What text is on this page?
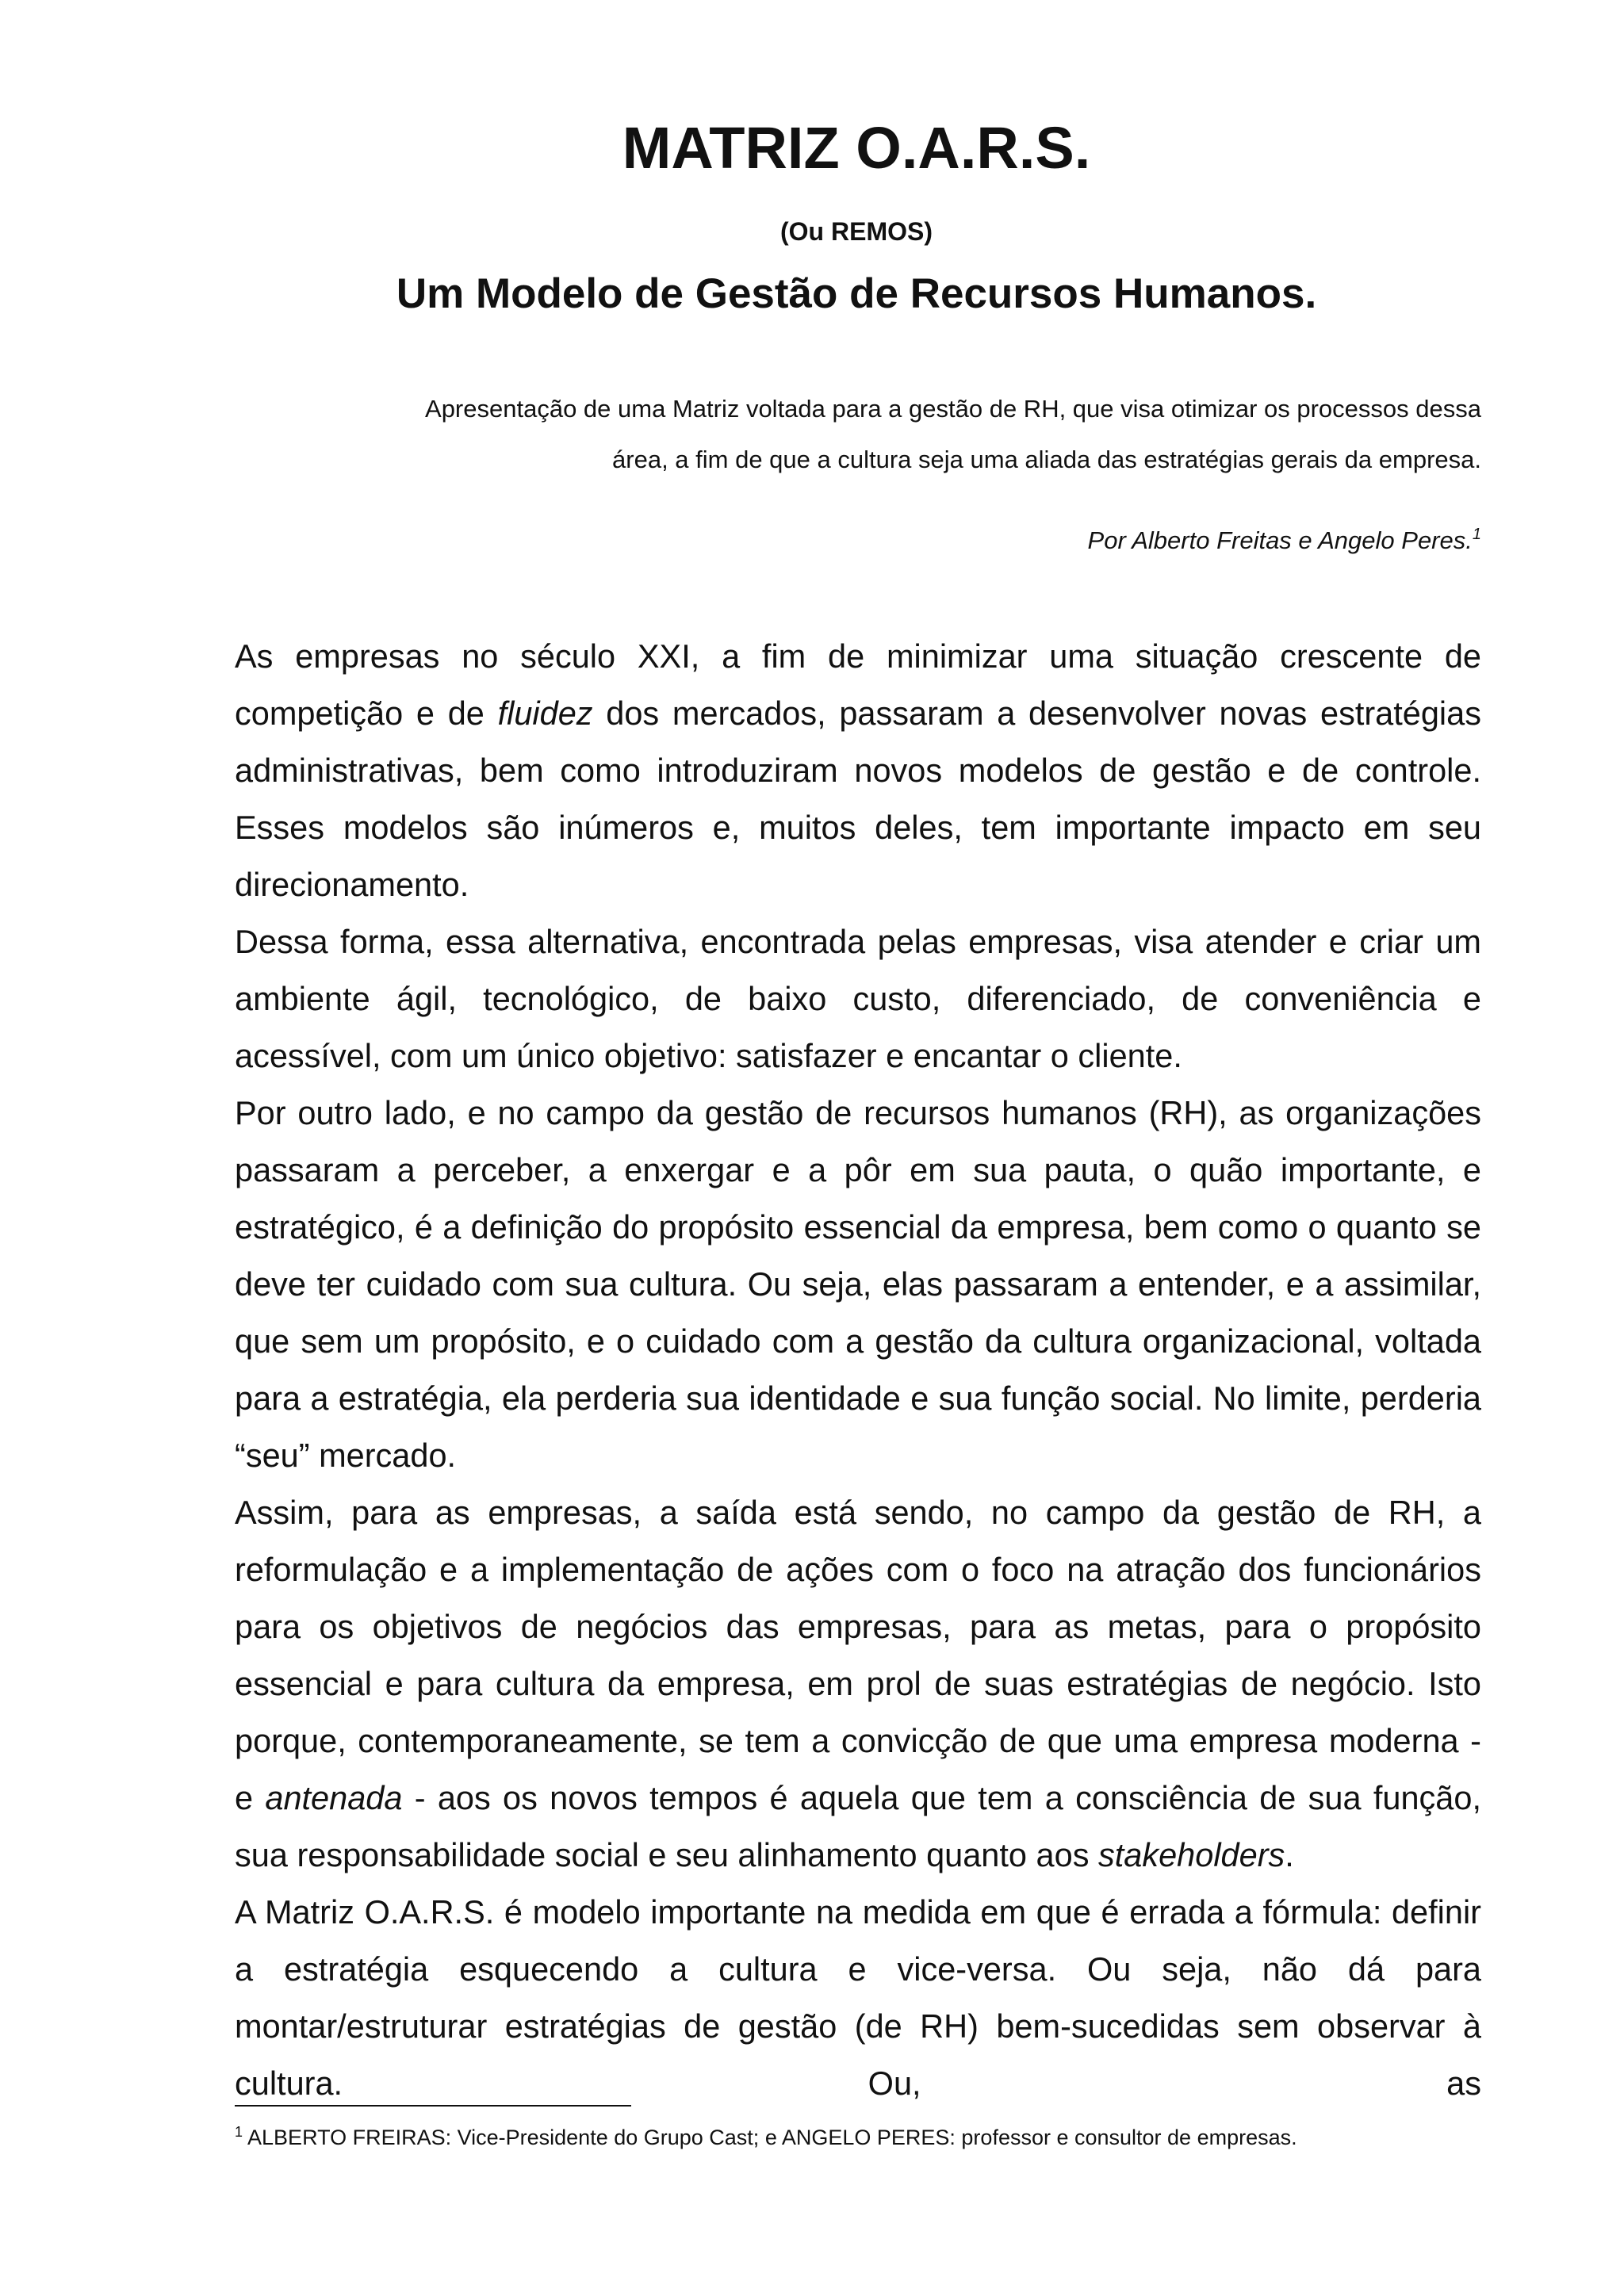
MATRIZ O.A.R.S.
(Ou REMOS)
Um Modelo de Gestão de Recursos Humanos.
Apresentação de uma Matriz voltada para a gestão de RH, que visa otimizar os processos dessa
área, a fim de que a cultura seja uma aliada das estratégias gerais da empresa.
Por Alberto Freitas e Angelo Peres.$^1$

As empresas no século XXI, a fim de minimizar uma situação crescente de competição e de fluidez dos mercados, passaram a desenvolver novas estratégias administrativas, bem como introduziram novos modelos de gestão e de controle. Esses modelos são inúmeros e, muitos deles, tem importante impacto em seu direcionamento.

Dessa forma, essa alternativa, encontrada pelas empresas, visa atender e criar um ambiente ágil, tecnológico, de baixo custo, diferenciado, de conveniência e acessível, com um único objetivo: satisfazer e encantar o cliente.

Por outro lado, e no campo da gestão de recursos humanos (RH), as organizações passaram a perceber, a enxergar e a pôr em sua pauta, o quão importante, e estratégico, é a definição do propósito essencial da empresa, bem como o quanto se deve ter cuidado com sua cultura. Ou seja, elas passaram a entender, e a assimilar, que sem um propósito, e o cuidado com a gestão da cultura organizacional, voltada para a estratégia, ela perderia sua identidade e sua função social. No limite, perderia “seu” mercado.

Assim, para as empresas, a saída está sendo, no campo da gestão de RH, a reformulação e a implementação de ações com o foco na atração dos funcionários para os objetivos de negócios das empresas, para as metas, para o propósito essencial e para cultura da empresa, em prol de suas estratégias de negócio. Isto porque, contemporaneamente, se tem a convicção de que uma empresa moderna - e antenada - aos os novos tempos é aquela que tem a consciência de sua função, sua responsabilidade social e seu alinhamento quanto aos stakeholders.

A Matriz O.A.R.S. é modelo importante na medida em que é errada a fórmula: definir a estratégia esquecendo a cultura e vice-versa. Ou seja, não dá para montar/estruturar estratégias de gestão (de RH) bem-sucedidas sem observar à cultura. Ou, as

$^1$ ALBERTO FREIRAS: Vice-Presidente do Grupo Cast; e ANGELO PERES: professor e consultor de empresas.
